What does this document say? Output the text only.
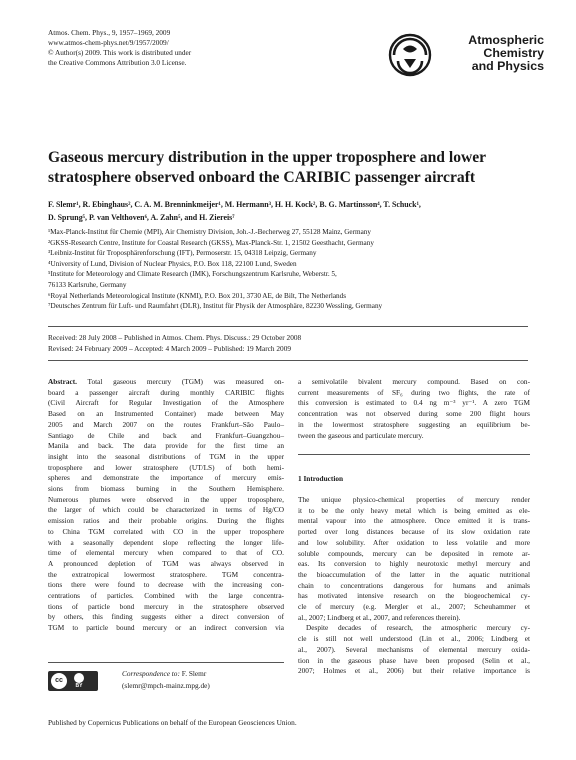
Atmos. Chem. Phys., 9, 1957–1969, 2009
www.atmos-chem-phys.net/9/1957/2009/
© Author(s) 2009. This work is distributed under
the Creative Commons Attribution 3.0 License.
Atmospheric
Chemistry
and Physics
Gaseous mercury distribution in the upper troposphere and lower
stratosphere observed onboard the CARIBIC passenger aircraft
F. Slemr¹, R. Ebinghaus², C. A. M. Brenninkmeijer¹, M. Hermann³, H. H. Kock², B. G. Martinsson⁴, T. Schuck¹,
D. Sprung⁵, P. van Velthoven⁶, A. Zahn⁵, and H. Ziereis⁷
¹Max-Planck-Institut für Chemie (MPI), Air Chemistry Division, Joh.-J.-Becherweg 27, 55128 Mainz, Germany
²GKSS-Research Centre, Institute for Coastal Research (GKSS), Max-Planck-Str. 1, 21502 Geesthacht, Germany
³Leibniz-Institut für Troposphärenforschung (IFT), Permoserstr. 15, 04318 Leipzig, Germany
⁴University of Lund, Division of Nuclear Physics, P.O. Box 118, 22100 Lund, Sweden
⁵Institute for Meteorology and Climate Research (IMK), Forschungszentrum Karlsruhe, Weberstr. 5,
76133 Karlsruhe, Germany
⁶Royal Netherlands Meteorological Institute (KNMI), P.O. Box 201, 3730 AE, de Bilt, The Netherlands
⁷Deutsches Zentrum für Luft- und Raumfahrt (DLR), Institut für Physik der Atmosphäre, 82230 Wessling, Germany
Received: 28 July 2008 – Published in Atmos. Chem. Phys. Discuss.: 29 October 2008
Revised: 24 February 2009 – Accepted: 4 March 2009 – Published: 19 March 2009
Abstract. Total gaseous mercury (TGM) was measured on-
board a passenger aircraft during monthly CARIBIC flights
(Civil Aircraft for Regular Investigation of the Atmosphere
Based on an Instrumented Container) made between May
2005 and March 2007 on the routes Frankfurt–São Paulo–
Santiago de Chile and back and Frankfurt–Guangzhou–
Manila and back. The data provide for the first time an
insight into the seasonal distributions of TGM in the upper
troposphere and lower stratosphere (UT/LS) of both hemi-
spheres and demonstrate the importance of mercury emis-
sions from biomass burning in the Southern Hemisphere.
Numerous plumes were observed in the upper troposphere,
the larger of which could be characterized in terms of Hg/CO
emission ratios and their probable origins. During the flights
to China TGM correlated with CO in the upper troposphere
with a seasonally dependent slope reflecting the longer life-
time of elemental mercury when compared to that of CO.
A pronounced depletion of TGM was always observed in
the extratropical lowermost stratosphere. TGM concentra-
tions there were found to decrease with the increasing con-
centrations of particles. Combined with the large concentra-
tions of particle bond mercury in the stratosphere observed
by others, this finding suggests either a direct conversion of
TGM to particle bound mercury or an indirect conversion via
a semivolatile bivalent mercury compound. Based on con-
current measurements of SF₆ during two flights, the rate of
this conversion is estimated to 0.4 ng m⁻³ yr⁻¹. A zero TGM
concentration was not observed during some 200 flight hours
in the lowermost stratosphere suggesting an equilibrium be-
tween the gaseous and particulate mercury.
1 Introduction
The unique physico-chemical properties of mercury render
it to be the only heavy metal which is being emitted as ele-
mental vapour into the atmosphere. Once emitted it is trans-
ported over long distances because of its slow oxidation rate
and low solubility. After oxidation to less volatile and more
soluble compounds, mercury can be deposited in remote ar-
eas. Its conversion to highly neurotoxic methyl mercury and
the bioaccumulation of the latter in the aquatic nutritional
chain to concentrations dangerous for humans and animals
has motivated intensive research on the biogeochemical cy-
cle of mercury (e.g. Mergler et al., 2007; Scheuhammer et
al., 2007; Lindberg et al., 2007, and references therein).
Despite decades of research, the atmospheric mercury cy-
cle is still not well understood (Lin et al., 2006; Lindberg et
al., 2007). Several mechanisms of elemental mercury oxida-
tion in the gaseous phase have been proposed (Selin et al.,
2007; Holmes et al., 2006) but their relative importance is
cc
BY
Correspondence to: F. Slemr
(slemr@mpch-mainz.mpg.de)
Published by Copernicus Publications on behalf of the European Geosciences Union.
